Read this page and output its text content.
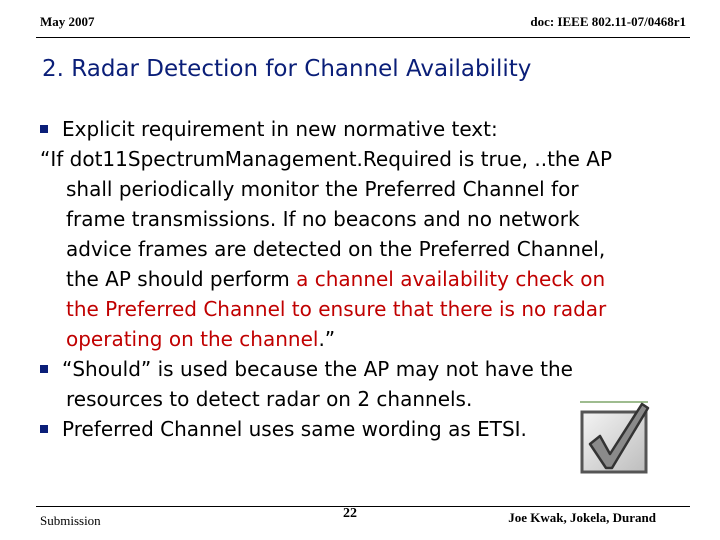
May 2007	doc: IEEE 802.11-07/0468r1
2. Radar Detection for Channel Availability
Explicit requirement in new normative text:
“If dot11SpectrumManagement.Required is true, ..the AP
shall periodically monitor the Preferred Channel for
frame transmissions. If no beacons and no network
advice frames are detected on the Preferred Channel,
the AP should perform a channel availability check on
the Preferred Channel to ensure that there is no radar
operating on the channel.”
“Should” is used because the AP may not have the
resources to detect radar on 2 channels.
Preferred Channel uses same wording as ETSI.
Submission	22	Joe Kwak, Jokela, Durand
